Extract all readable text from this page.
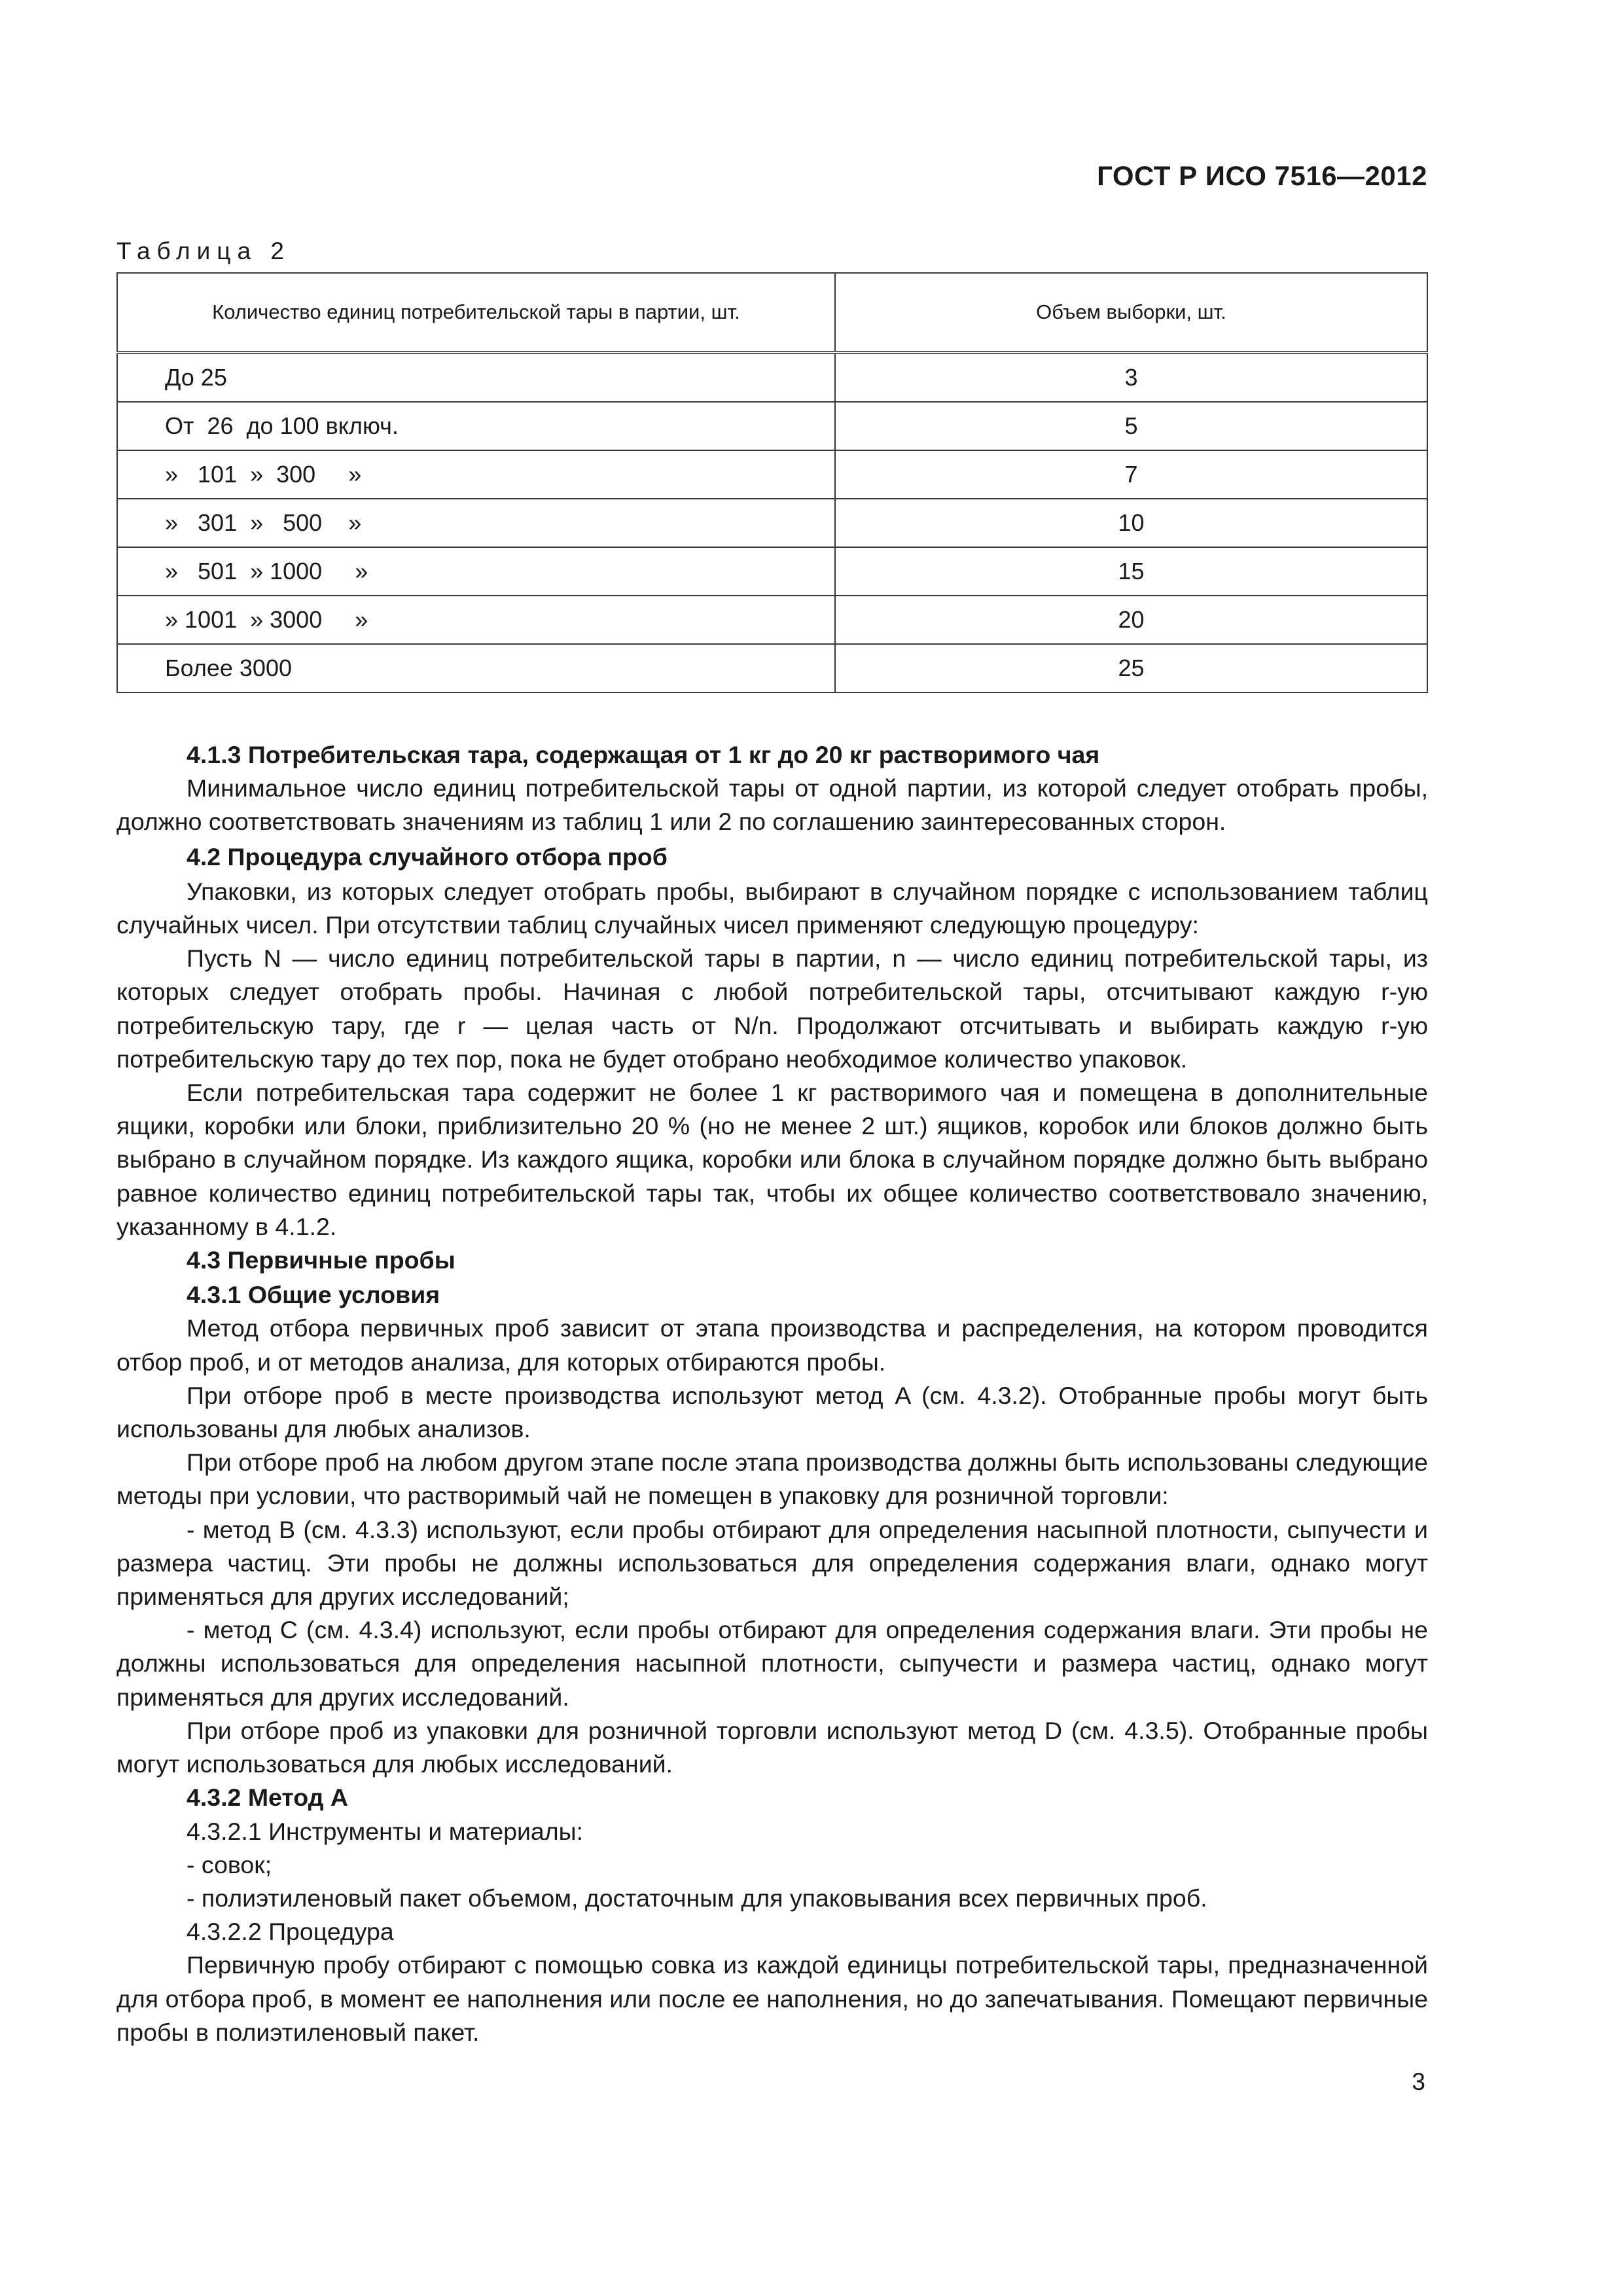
ГОСТ Р ИСО 7516—2012
Таблица 2
Количество единиц потребительской тары в партии, шт.	Объем выборки, шт.
До 25	3
От  26  до 100 включ.	5
»   101  »  300     »	7
»   301  »   500    »	10
»   501  » 1000     »	15
» 1001  » 3000     »	20
Более 3000	25

4.1.3 Потребительская тара, содержащая от 1 кг до 20 кг растворимого чая

Минимальное число единиц потребительской тары от одной партии, из которой следует отобрать пробы, должно соответствовать значениям из таблиц 1 или 2 по соглашению заинтересованных сторон.

4.2 Процедура случайного отбора проб

Упаковки, из которых следует отобрать пробы, выбирают в случайном порядке с использованием таблиц случайных чисел. При отсутствии таблиц случайных чисел применяют следующую процедуру:

Пусть N — число единиц потребительской тары в партии, n — число единиц потребительской тары, из которых следует отобрать пробы. Начиная с любой потребительской тары, отсчитывают каждую r-ую потребительскую тару, где r — целая часть от N/n. Продолжают отсчитывать и выбирать каждую r-ую потребительскую тару до тех пор, пока не будет отобрано необходимое количество упаковок.

Если потребительская тара содержит не более 1 кг растворимого чая и помещена в дополнительные ящики, коробки или блоки, приблизительно 20 % (но не менее 2 шт.) ящиков, коробок или блоков должно быть выбрано в случайном порядке. Из каждого ящика, коробки или блока в случайном порядке должно быть выбрано равное количество единиц потребительской тары так, чтобы их общее количество соответствовало значению, указанному в 4.1.2.

4.3 Первичные пробы

4.3.1 Общие условия

Метод отбора первичных проб зависит от этапа производства и распределения, на котором проводится отбор проб, и от методов анализа, для которых отбираются пробы.

При отборе проб в месте производства используют метод A (см. 4.3.2). Отобранные пробы могут быть использованы для любых анализов.

При отборе проб на любом другом этапе после этапа производства должны быть использованы следующие методы при условии, что растворимый чай не помещен в упаковку для розничной торговли:

- метод B (см. 4.3.3) используют, если пробы отбирают для определения насыпной плотности, сыпучести и размера частиц. Эти пробы не должны использоваться для определения содержания влаги, однако могут применяться для других исследований;

- метод C (см. 4.3.4) используют, если пробы отбирают для определения содержания влаги. Эти пробы не должны использоваться для определения насыпной плотности, сыпучести и размера частиц, однако могут применяться для других исследований.

При отборе проб из упаковки для розничной торговли используют метод D (см. 4.3.5). Отобранные пробы могут использоваться для любых исследований.

4.3.2 Метод A

4.3.2.1 Инструменты и материалы:

- совок;

- полиэтиленовый пакет объемом, достаточным для упаковывания всех первичных проб.

4.3.2.2 Процедура

Первичную пробу отбирают с помощью совка из каждой единицы потребительской тары, предназначенной для отбора проб, в момент ее наполнения или после ее наполнения, но до запечатывания. Помещают первичные пробы в полиэтиленовый пакет.

3
